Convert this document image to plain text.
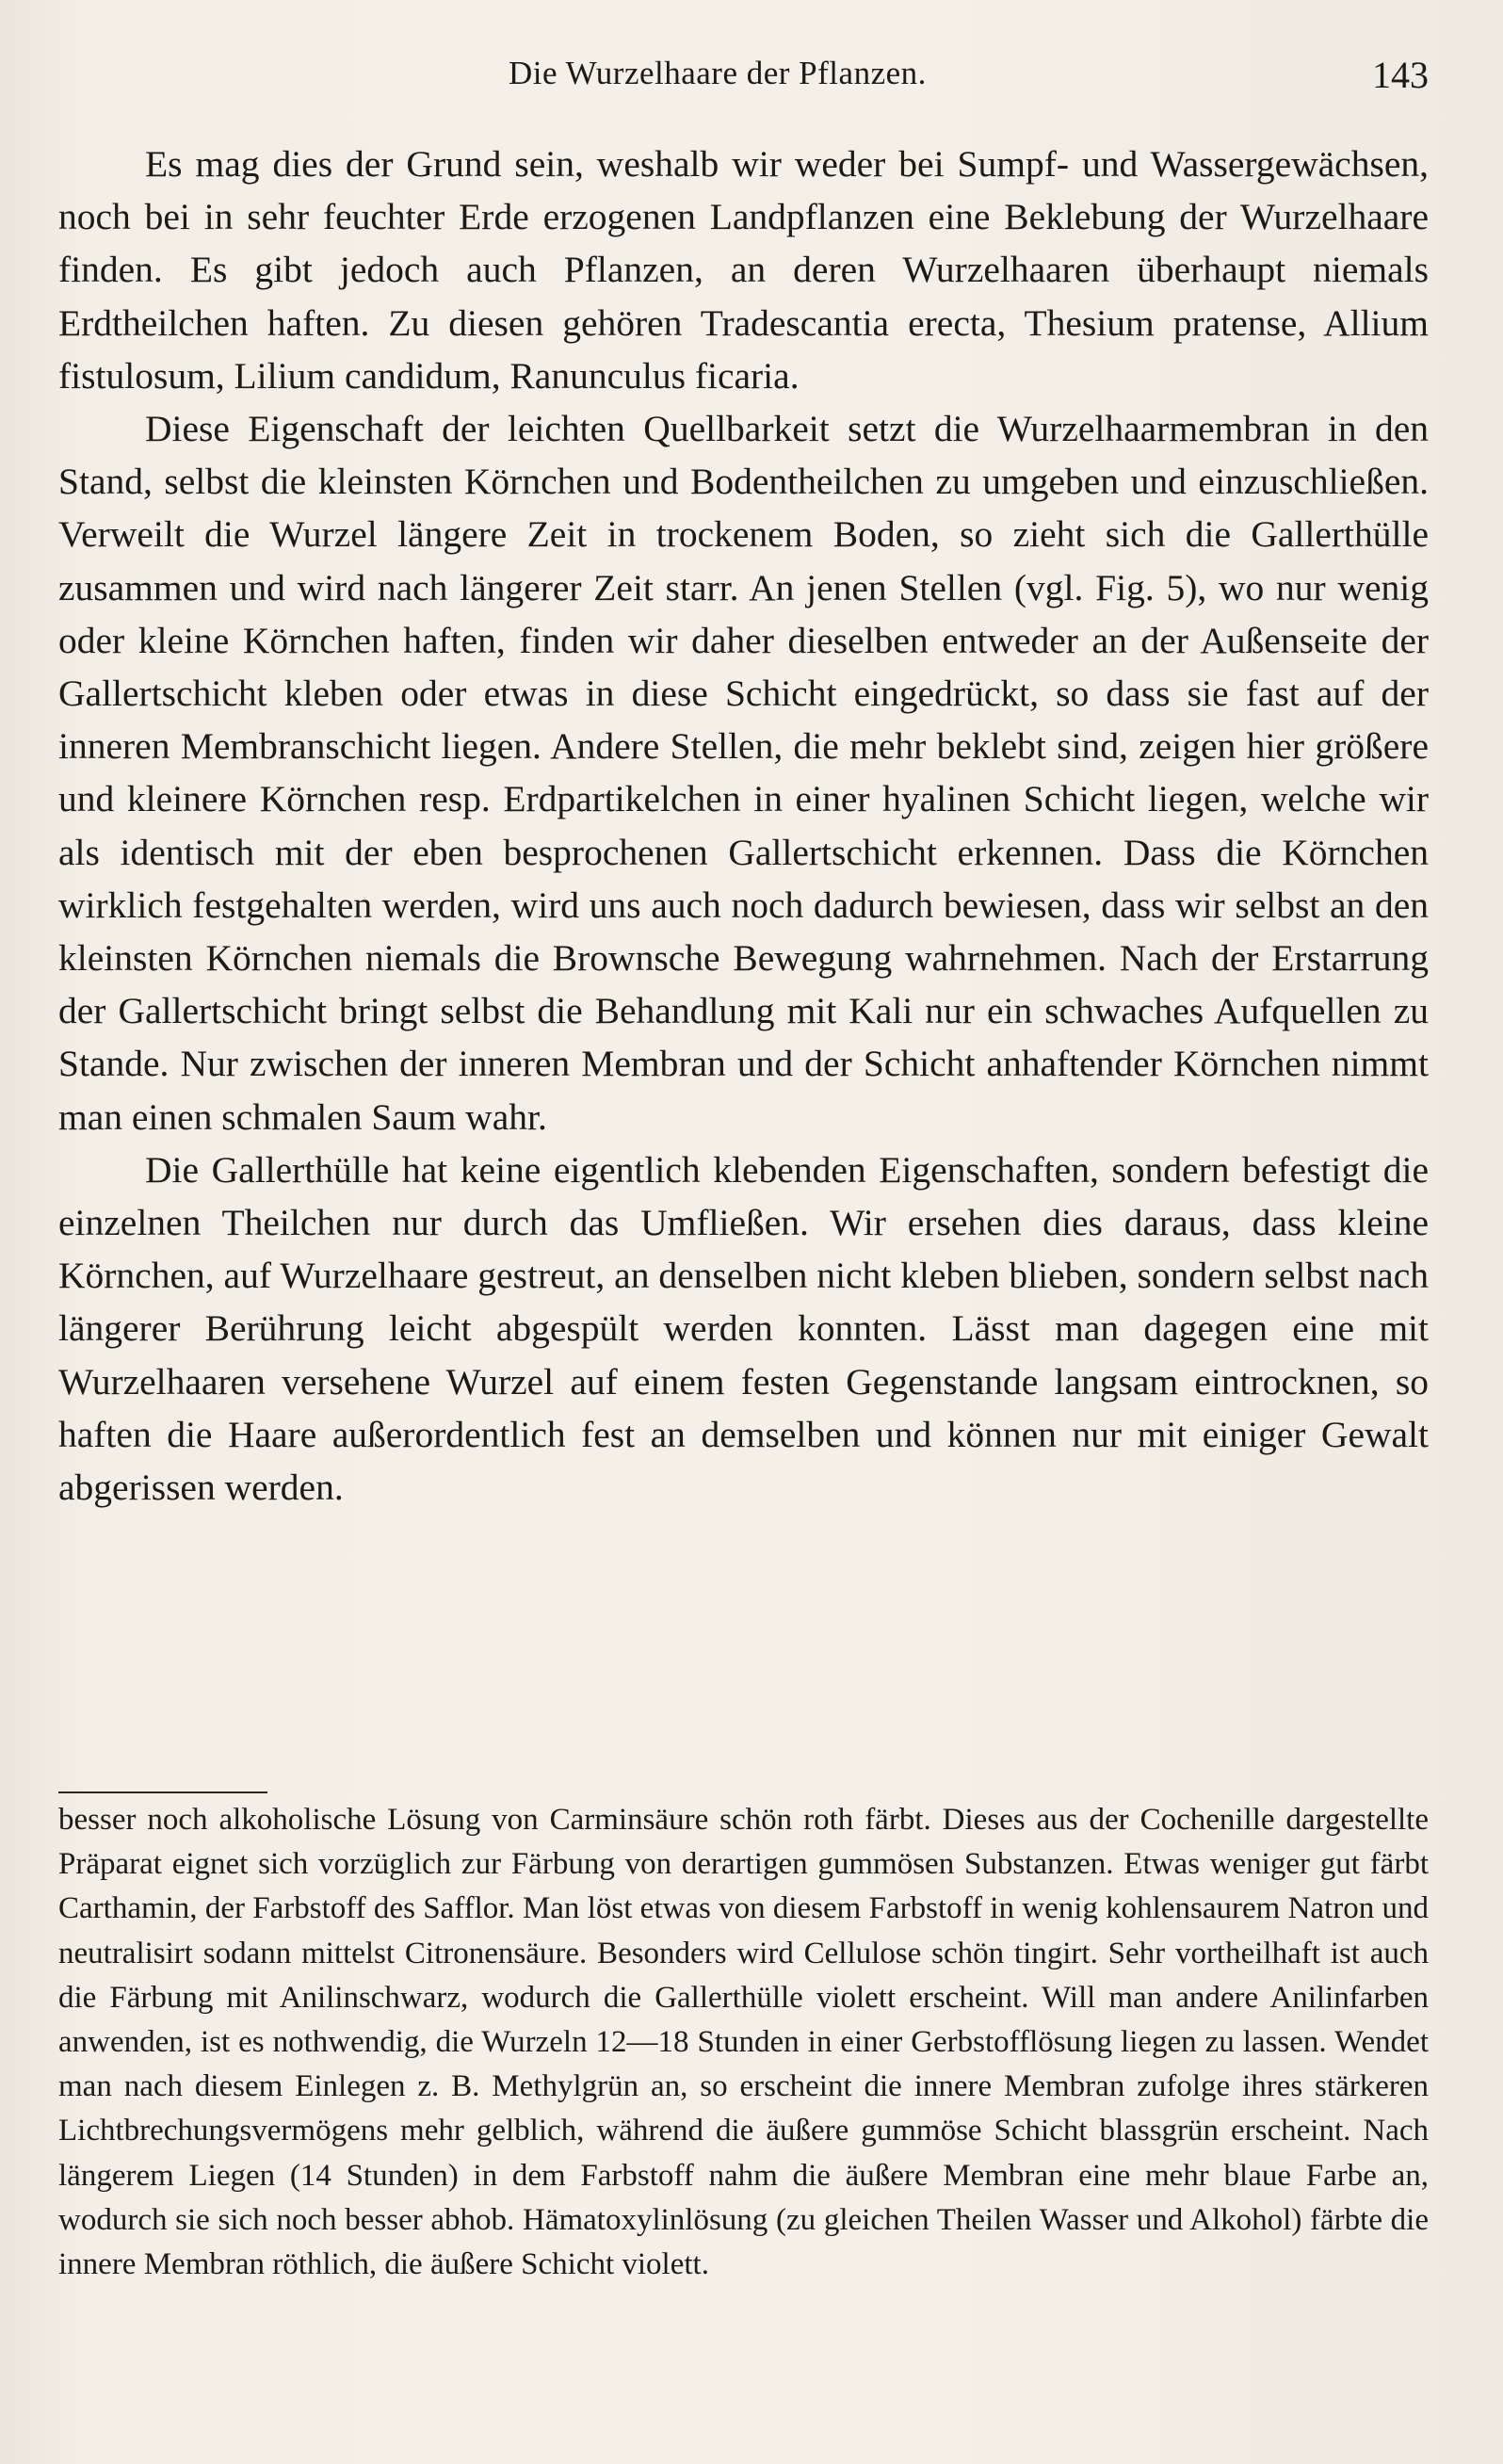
Die Wurzelhaare der Pflanzen.	143

Es mag dies der Grund sein, weshalb wir weder bei Sumpf- und Wassergewächsen, noch bei in sehr feuchter Erde erzogenen Landpflanzen eine Beklebung der Wurzelhaare finden. Es gibt jedoch auch Pflanzen, an deren Wurzelhaaren überhaupt niemals Erdtheilchen haften. Zu diesen gehören Tradescantia erecta, Thesium pratense, Allium fistulosum, Lilium candidum, Ranunculus ficaria.

Diese Eigenschaft der leichten Quellbarkeit setzt die Wurzelhaarmembran in den Stand, selbst die kleinsten Körnchen und Bodentheilchen zu umgeben und einzuschließen. Verweilt die Wurzel längere Zeit in trockenem Boden, so zieht sich die Gallerthülle zusammen und wird nach längerer Zeit starr. An jenen Stellen (vgl. Fig. 5), wo nur wenig oder kleine Körnchen haften, finden wir daher dieselben entweder an der Außenseite der Gallertschicht kleben oder etwas in diese Schicht eingedrückt, so dass sie fast auf der inneren Membranschicht liegen. Andere Stellen, die mehr beklebt sind, zeigen hier größere und kleinere Körnchen resp. Erdpartikelchen in einer hyalinen Schicht liegen, welche wir als identisch mit der eben besprochenen Gallertschicht erkennen. Dass die Körnchen wirklich festgehalten werden, wird uns auch noch dadurch bewiesen, dass wir selbst an den kleinsten Körnchen niemals die Brownsche Bewegung wahrnehmen. Nach der Erstarrung der Gallertschicht bringt selbst die Behandlung mit Kali nur ein schwaches Aufquellen zu Stande. Nur zwischen der inneren Membran und der Schicht anhaftender Körnchen nimmt man einen schmalen Saum wahr.

Die Gallerthülle hat keine eigentlich klebenden Eigenschaften, sondern befestigt die einzelnen Theilchen nur durch das Umfließen. Wir ersehen dies daraus, dass kleine Körnchen, auf Wurzelhaare gestreut, an denselben nicht kleben blieben, sondern selbst nach längerer Berührung leicht abgespült werden konnten. Lässt man dagegen eine mit Wurzelhaaren versehene Wurzel auf einem festen Gegenstande langsam eintrocknen, so haften die Haare außerordentlich fest an demselben und können nur mit einiger Gewalt abgerissen werden.

besser noch alkoholische Lösung von Carminsäure schön roth färbt. Dieses aus der Cochenille dargestellte Präparat eignet sich vorzüglich zur Färbung von derartigen gummösen Substanzen. Etwas weniger gut färbt Carthamin, der Farbstoff des Safflor. Man löst etwas von diesem Farbstoff in wenig kohlensaurem Natron und neutralisirt sodann mittelst Citronensäure. Besonders wird Cellulose schön tingirt. Sehr vortheilhaft ist auch die Färbung mit Anilinschwarz, wodurch die Gallerthülle violett erscheint. Will man andere Anilinfarben anwenden, ist es nothwendig, die Wurzeln 12—18 Stunden in einer Gerbstofflösung liegen zu lassen. Wendet man nach diesem Einlegen z. B. Methylgrün an, so erscheint die innere Membran zufolge ihres stärkeren Lichtbrechungsvermögens mehr gelblich, während die äußere gummöse Schicht blassgrün erscheint. Nach längerem Liegen (14 Stunden) in dem Farbstoff nahm die äußere Membran eine mehr blaue Farbe an, wodurch sie sich noch besser abhob. Hämatoxylinlösung (zu gleichen Theilen Wasser und Alkohol) färbte die innere Membran röthlich, die äußere Schicht violett.
